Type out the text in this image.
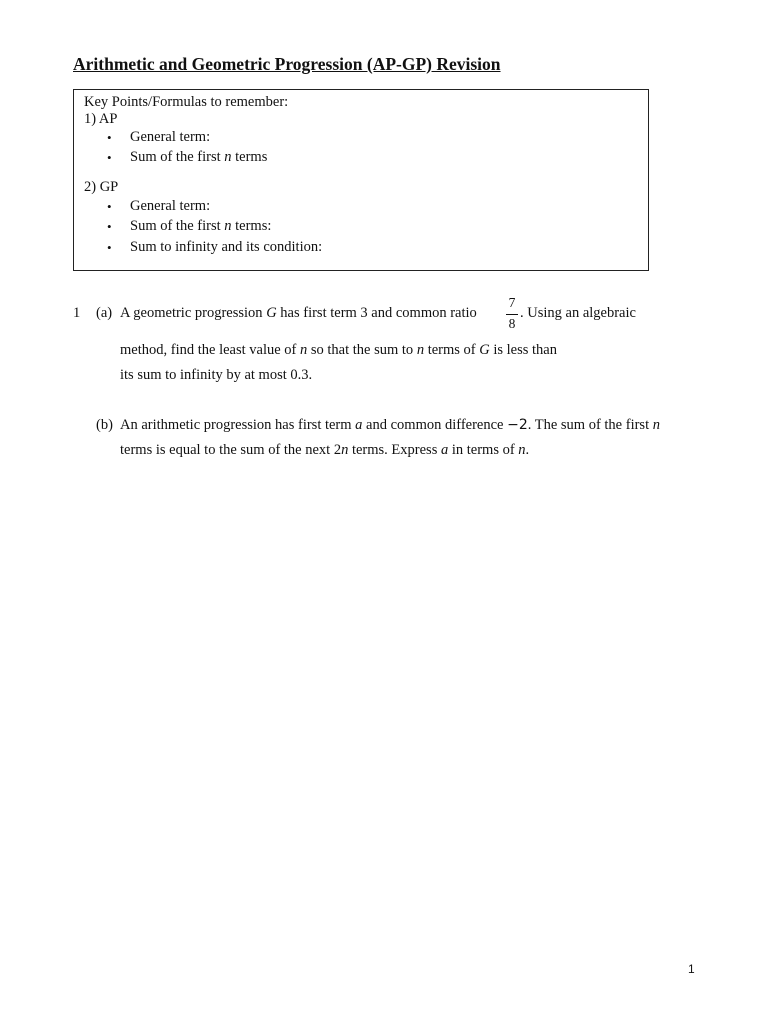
Arithmetic and Geometric Progression (AP-GP) Revision
Key Points/Formulas to remember:
1) AP
• General term:
• Sum of the first n terms
2) GP
• General term:
• Sum of the first n terms:
• Sum to infinity and its condition:
1 (a) A geometric progression G has first term 3 and common ratio
7
8
. Using an algebraic
method, find the least value of n so that the sum to n terms of G is less than
its sum to infinity by at most 0.3.
(b) An arithmetic progression has first term a and common difference −2. The sum of the first n
terms is equal to the sum of the next 2n terms. Express a in terms of n.
1
